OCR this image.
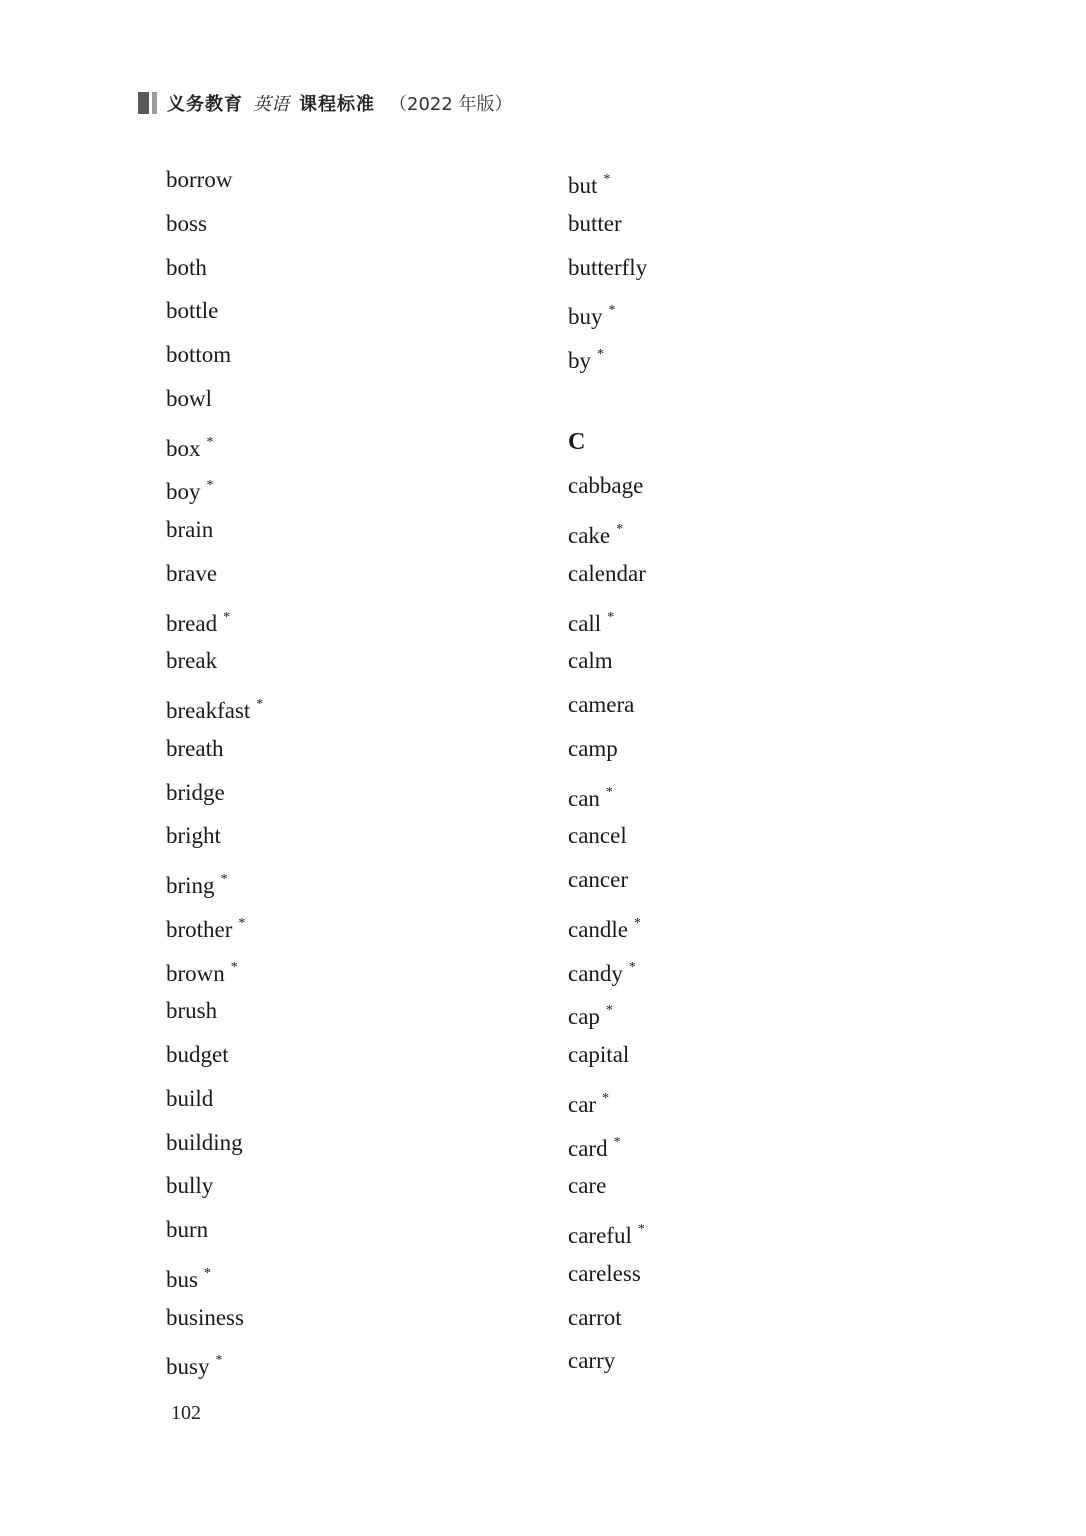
义务教育 英语 课程标准 （2022 年版）
borrow
boss
both
bottle
bottom
bowl
box *
boy *
brain
brave
bread *
break
breakfast *
breath
bridge
bright
bring *
brother *
brown *
brush
budget
build
building
bully
burn
bus *
business
busy *
but *
butter
butterfly
buy *
by *
C
cabbage
cake *
calendar
call *
calm
camera
camp
can *
cancel
cancer
candle *
candy *
cap *
capital
car *
card *
care
careful *
careless
carrot
carry
102
